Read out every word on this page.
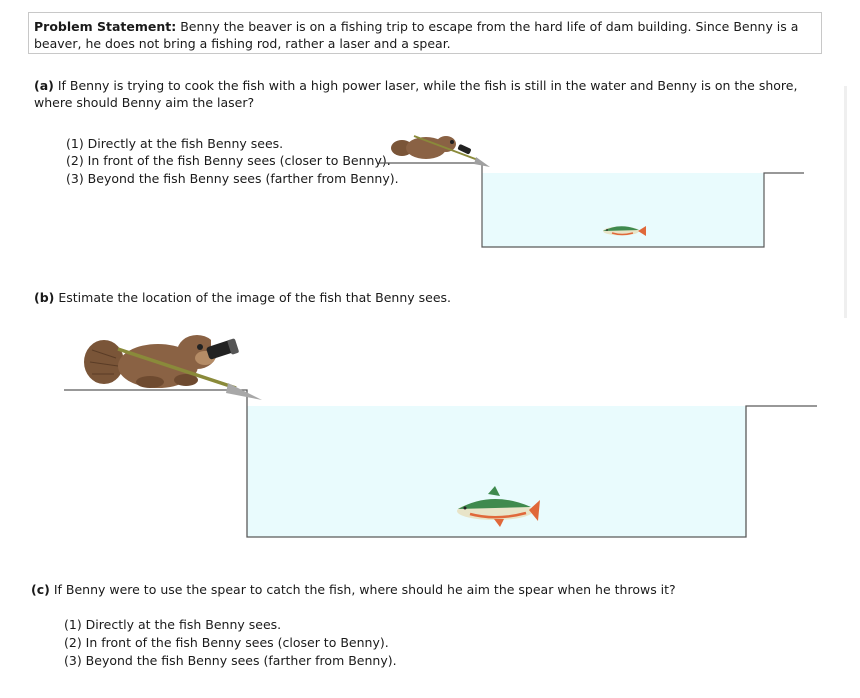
Problem Statement: Benny the beaver is on a fishing trip to escape from the hard life of dam building. Since Benny is a beaver, he does not bring a fishing rod, rather a laser and a spear.
(a) If Benny is trying to cook the fish with a high power laser, while the fish is still in the water and Benny is on the shore, where should Benny aim the laser?
(1) Directly at the fish Benny sees.
(2) In front of the fish Benny sees (closer to Benny).
(3) Beyond the fish Benny sees (farther from Benny).
(b) Estimate the location of the image of the fish that Benny sees.
(c) If Benny were to use the spear to catch the fish, where should he aim the spear when he throws it?
(1) Directly at the fish Benny sees.
(2) In front of the fish Benny sees (closer to Benny).
(3) Beyond the fish Benny sees (farther from Benny).
